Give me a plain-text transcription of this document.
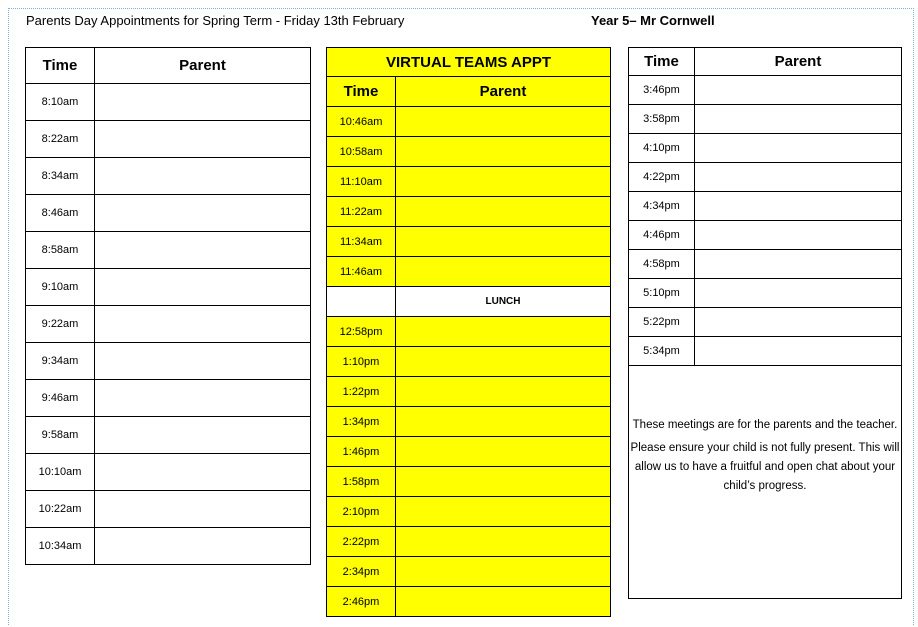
Parents Day Appointments for Spring Term - Friday 13th February	Year 5– Mr Cornwell
Time	Parent
8:10am	
8:22am	
8:34am	
8:46am	
8:58am	
9:10am	
9:22am	
9:34am	
9:46am	
9:58am	
10:10am	
10:22am	
10:34am	
VIRTUAL TEAMS APPT	
Time	Parent
10:46am	
10:58am	
11:10am	
11:22am	
11:34am	
11:46am	
	LUNCH
12:58pm	
1:10pm	
1:22pm	
1:34pm	
1:46pm	
1:58pm	
2:10pm	
2:22pm	
2:34pm	
2:46pm	
Time	Parent
3:46pm	
3:58pm	
4:10pm	
4:22pm	
4:34pm	
4:46pm	
4:58pm	
5:10pm	
5:22pm	
5:34pm	

These meetings are for the parents and the teacher.

Please ensure your child is not fully present. This will allow us to have a fruitful and open chat about your child’s progress.
